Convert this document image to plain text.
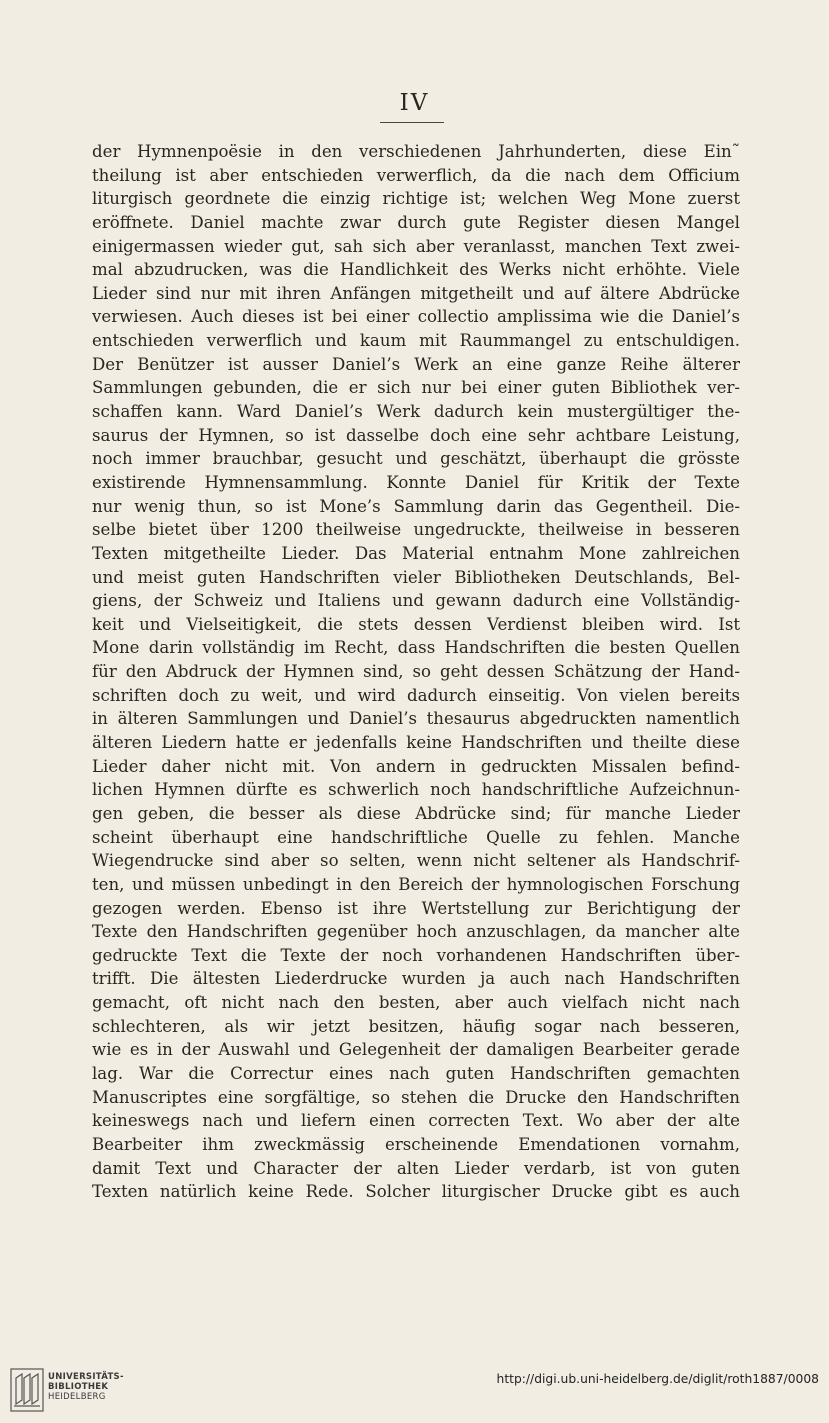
IV
der Hymnenpoësie in den verschiedenen Jahrhunderten, diese Ein˜
theilung ist aber entschieden verwerflich, da die nach dem Officium
liturgisch geordnete die einzig richtige ist; welchen Weg Mone zuerst
eröffnete. Daniel machte zwar durch gute Register diesen Mangel
einigermassen wieder gut, sah sich aber veranlasst, manchen Text zwei-
mal abzudrucken, was die Handlichkeit des Werks nicht erhöhte. Viele
Lieder sind nur mit ihren Anfängen mitgetheilt und auf ältere Abdrücke
verwiesen. Auch dieses ist bei einer collectio amplissima wie die Daniel’s
entschieden verwerflich und kaum mit Raummangel zu entschuldigen.
Der Benützer ist ausser Daniel’s Werk an eine ganze Reihe älterer
Sammlungen gebunden, die er sich nur bei einer guten Bibliothek ver-
schaffen kann. Ward Daniel’s Werk dadurch kein mustergültiger the-
saurus der Hymnen, so ist dasselbe doch eine sehr achtbare Leistung,
noch immer brauchbar, gesucht und geschätzt, überhaupt die grösste
existirende Hymnensammlung. Konnte Daniel für Kritik der Texte
nur wenig thun, so ist Mone’s Sammlung darin das Gegentheil. Die-
selbe bietet über 1200 theilweise ungedruckte, theilweise in besseren
Texten mitgetheilte Lieder. Das Material entnahm Mone zahlreichen
und meist guten Handschriften vieler Bibliotheken Deutschlands, Bel-
giens, der Schweiz und Italiens und gewann dadurch eine Vollständig-
keit und Vielseitigkeit, die stets dessen Verdienst bleiben wird. Ist
Mone darin vollständig im Recht, dass Handschriften die besten Quellen
für den Abdruck der Hymnen sind, so geht dessen Schätzung der Hand-
schriften doch zu weit, und wird dadurch einseitig. Von vielen bereits
in älteren Sammlungen und Daniel’s thesaurus abgedruckten namentlich
älteren Liedern hatte er jedenfalls keine Handschriften und theilte diese
Lieder daher nicht mit. Von andern in gedruckten Missalen befind-
lichen Hymnen dürfte es schwerlich noch handschriftliche Aufzeichnun-
gen geben, die besser als diese Abdrücke sind; für manche Lieder
scheint überhaupt eine handschriftliche Quelle zu fehlen. Manche
Wiegendrucke sind aber so selten, wenn nicht seltener als Handschrif-
ten, und müssen unbedingt in den Bereich der hymnologischen Forschung
gezogen werden. Ebenso ist ihre Wertstellung zur Berichtigung der
Texte den Handschriften gegenüber hoch anzuschlagen, da mancher alte
gedruckte Text die Texte der noch vorhandenen Handschriften über-
trifft. Die ältesten Liederdrucke wurden ja auch nach Handschriften
gemacht, oft nicht nach den besten, aber auch vielfach nicht nach
schlechteren, als wir jetzt besitzen, häufig sogar nach besseren,
wie es in der Auswahl und Gelegenheit der damaligen Bearbeiter gerade
lag. War die Correctur eines nach guten Handschriften gemachten
Manuscriptes eine sorgfältige, so stehen die Drucke den Handschriften
keineswegs nach und liefern einen correcten Text. Wo aber der alte
Bearbeiter ihm zweckmässig erscheinende Emendationen vornahm,
damit Text und Character der alten Lieder verdarb, ist von guten
Texten natürlich keine Rede. Solcher liturgischer Drucke gibt es auch
UNIVERSITÄTS-
BIBLIOTHEK
HEIDELBERG
http://digi.ub.uni-heidelberg.de/diglit/roth1887/0008
